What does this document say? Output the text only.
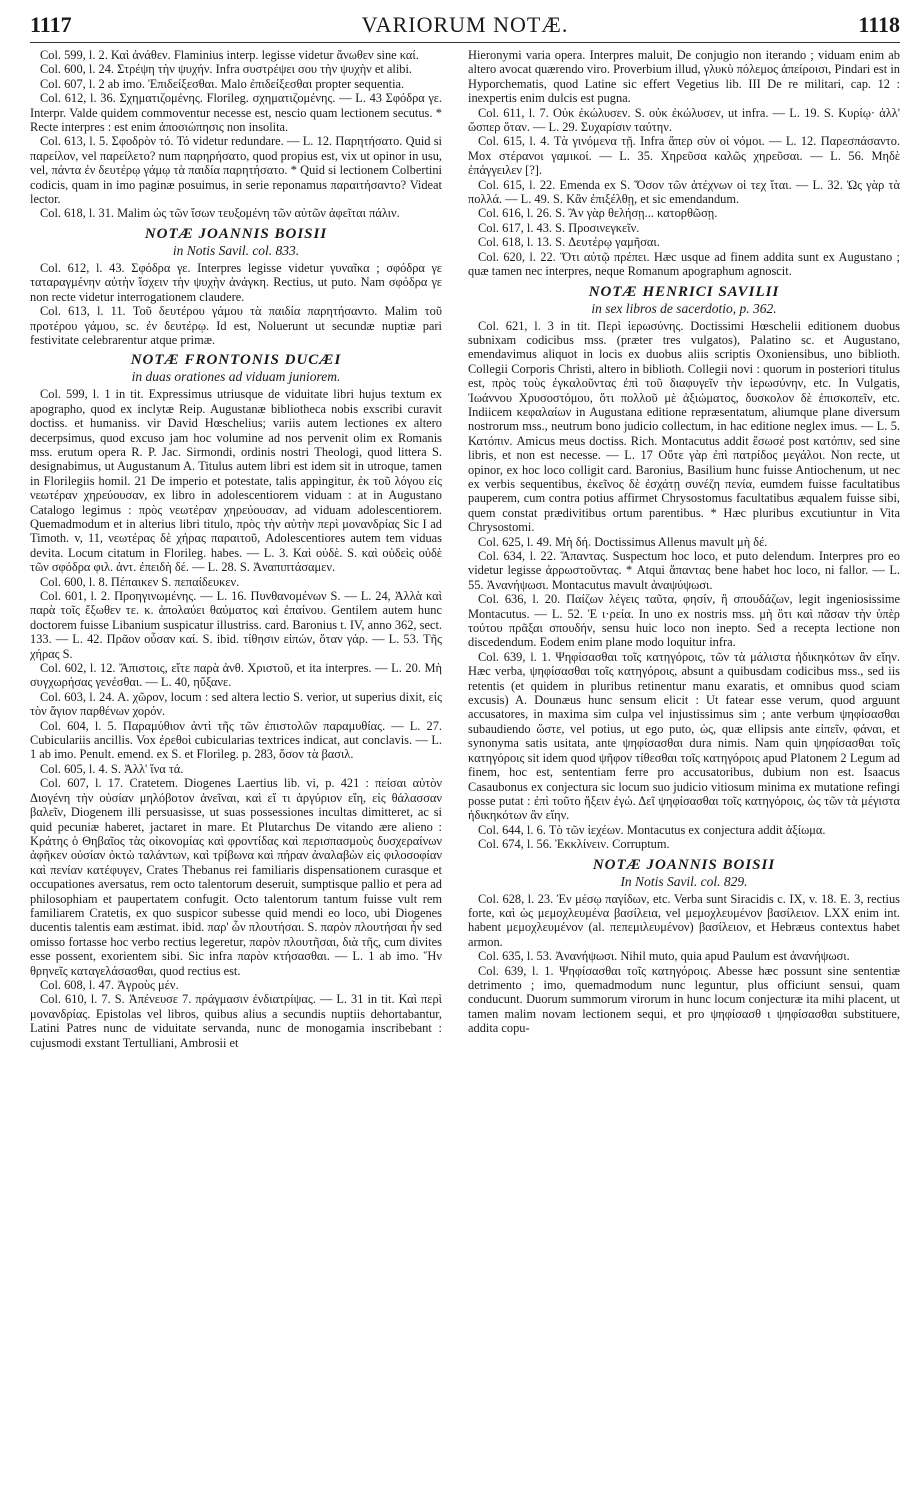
1117	VARIORUM NOTÆ.	1118

Col. 599, l. 2. Καὶ ἀνάθεν. Flaminius interp. legisse videtur ἄνωθεν sine καί.

Col. 600, l. 24. Στρέψη τὴν ψυχήν. Infra συστρέψει σου τὴν ψυχὴν et alibi.

Col. 607, l. 2 ab imo. Ἐπιδείξεσθαι. Malo ἐπιδείξεσθαι propter sequentia.

Col. 612, l. 36. Σχηματιζομένης. Florileg. σχηματιζομένης. — L. 43 Σφόδρα γε. Interpr. Valde quidem commoventur necesse est, nescio quam lectionem secutus. * Recte interpres : est enim ἀποσιώπησις non insolita.

Col. 613, l. 5. Σφοδρὸν τό. Τό videtur redundare. — L. 12. Παρητήσατο. Quid si παρείλον, vel παρείλετο? num παρηρήσατο, quod propius est, vix ut opinor in usu, vel, πάντα ἐν δευτέρῳ γάμῳ τὰ παιδία παρητήσατο. * Quid si lectionem Colbertini codicis, quam in imo paginæ posuimus, in serie reponamus παραιτήσαντο? Videat lector.

Col. 618, l. 31. Malim ὡς τῶν ἴσων τευξομένη τῶν αὐτῶν ἀφεῖται πάλιν.

NOTÆ JOANNIS BOISII
in Notis Savil. col. 833.

Col. 612, l. 43. Σφόδρα γε. Interpres legisse videtur γυναῖκα ; σφόδρα γε ταταραγμένην αὐτὴν ἴσχειν τὴν ψυχὴν ἀνάγκη. Rectius, ut puto. Nam σφόδρα γε non recte videtur interrogationem claudere.

Col. 613, l. 11. Τοῦ δευτέρου γάμου τὰ παιδία παρητήσαντο. Malim τοῦ προτέρου γάμου, sc. ἐν δευτέρῳ. Id est, Noluerunt ut secundæ nuptiæ pari festivitate celebrarentur atque primæ.

NOTÆ FRONTONIS DUCÆI
in duas orationes ad viduam juniorem.

Col. 599, l. 1 in tit. Expressimus utriusque de viduitate libri hujus textum ex apographo, quod ex inclytæ Reip. Augustanæ bibliotheca nobis exscribi curavit doctiss. et humaniss. vir David Hœschelius; variis autem lectiones ex altero decerpsimus, quod excuso jam hoc volumine ad nos pervenit olim ex Romanis mss. erutum opera R. P. Jac. Sirmondi, ordinis nostri Theologi, quod littera S. designabimus, ut Augustanum A. Titulus autem libri est idem sit in utroque, tamen in Florilegiis homil. 21 De imperio et potestate, talis appingitur, ἐκ τοῦ λόγου εἰς νεωτέραν χηρεύουσαν, ex libro in adolescentiorem viduam : at in Augustano Catalogo legimus : πρὸς νεωτέραν χηρεύουσαν, ad viduam adolescentiorem. Quemadmodum et in alterius libri titulo, πρὸς τὴν αὐτὴν περὶ μονανδρίας Sic I ad Timoth. v, 11, νεωτέρας δὲ χήρας παραιτοῦ, Adolescentiores autem tem viduas devita. Locum citatum in Florileg. habes. — L. 3. Καὶ οὐδὲ. S. καὶ οὐδεὶς οὐδὲ τῶν σφόδρα φιλ. ἀντ. ἐπειδὴ δέ. — L. 28. S. Ἀναπιπτάσαμεν.

Col. 600, l. 8. Πέπαικεν S. πεπαίδευκεν.

Col. 601, l. 2. Προηγινωμένης. — L. 16. Πυνθανομένων S. — L. 24, Ἀλλὰ καὶ παρὰ τοῖς ἔξωθεν τε. κ. ἀπολαύει θαύματος καὶ ἐπαίνου. Gentilem autem hunc doctorem fuisse Libanium suspicatur illustriss. card. Baronius t. IV, anno 362, sect. 133. — L. 42. Πρᾶον οὖσαν καί. S. ibid. τίθησιν εἰπών, ὅταν γάρ. — L. 53. Τῆς χήρας S.

Col. 602, l. 12. Ἄπιστοις, εἴτε παρὰ ἀνθ. Χριστοῦ, et ita interpres. — L. 20. Μὴ συγχωρήσας γενέσθαι. — L. 40, ηὔξανε.

Col. 603, l. 24. A. χῶρον, locum : sed altera lectio S. verior, ut superius dixit, εἰς τὸν ἅγιον παρθένων χορόν.

Col. 604, l. 5. Παραμύθιον ἀντὶ τῆς τῶν ἐπιστολῶν παραμυθίας. — L. 27. Cubiculariis ancillis. Vox ἐρεθοὶ cubicularias textrices indicat, aut conclavis. — L. 1 ab imo. Penult. emend. ex S. et Florileg. p. 283, ὅσον τὰ βασιλ.

Col. 605, l. 4. S. Ἀλλ' ἵνα τά.

Col. 607, l. 17. Cratetem. Diogenes Laertius lib. vi, p. 421 : πείσαι αὐτὸν Διογένη τὴν οὐσίαν μηλόβοτον ἀνεῖναι, καὶ εἴ τι ἀργύριον εἴη, εἰς θάλασσαν βαλεῖν, Diogenem illi persuasisse, ut suas possessiones incultas dimitteret, ac si quid pecuniæ haberet, jactaret in mare. Et Plutarchus De vitando ære alieno : Κράτης ὁ Θηβαῖος τὰς οἰκονομίας καὶ φροντίδας καὶ περισπασμοὺς δυσχεραίνων ἀφῆκεν οὐσίαν ὀκτὼ ταλάντων, καὶ τρίβωνα καὶ πήραν ἀναλαβὼν εἰς φιλοσοφίαν καὶ πενίαν κατέφυγεν, Crates Thebanus rei familiaris dispensationem curasque et occupationes aversatus, rem octo talentorum deseruit, sumptisque pallio et pera ad philosophiam et paupertatem confugit. Octo talentorum tantum fuisse vult rem familiarem Cratetis, ex quo suspicor subesse quid mendi eo loco, ubi Diogenes ducentis talentis eam æstimat. ibid. παρ' ὧν πλουτήσαι. S. παρὸν πλουτήσαι ἦν sed omisso fortasse hoc verbo rectius legeretur, παρὸν πλουτῆσαι, διὰ τῆς, cum divites esse possent, exorientem sibi. Sic infra παρὸν κτήσασθαι. — L. 1 ab imo. Ἥν θρηνεῖς καταγελάσασθαι, quod rectius est.

Col. 608, l. 47. Ἀγροὺς μέν.

Col. 610, l. 7. S. Ἀπένευσε 7. πράγμασιν ἐνδιατρίψας. — L. 31 in tit. Καὶ περὶ μονανδρίας. Epistolas vel libros, quibus alius a secundis nuptiis dehortabantur, Latini Patres nunc de viduitate servanda, nunc de monogamia inscribebant : cujusmodi exstant Tertulliani, Ambrosii et

Hieronymi varia opera. Interpres maluit, De conjugio non iterando ; viduam enim ab altero avocat quærendo viro. Proverbium illud, γλυκὺ πόλεμος ἀπείροισι, Pindari est in Hyporchematis, quod Latine sic effert Vegetius lib. III De re militari, cap. 12 : inexpertis enim dulcis est pugna.

Col. 611, l. 7. Οὐκ ἐκώλυσεν. S. οὐκ ἐκώλυσεν, ut infra. — L. 19. S. Κυρίῳ· ἀλλ' ὥσπερ ὅταν. — L. 29. Συχαρίσιν ταύτην.

Col. 615, l. 4. Τὰ γινόμενα τῇ. Infra ἅπερ σὺν οἱ νόμοι. — L. 12. Παρεσπάσαντο. Mox στέρανοι γαμικοί. — L. 35. Χηρεῦσα καλῶς χηρεῦσαι. — L. 56. Μηδὲ ἐπάγγειλεν [?].

Col. 615, l. 22. Emenda ex S. Ὅσον τῶν ἀτέχνων οἱ τεχ ἴται. — L. 32. Ὡς γὰρ τὰ πολλά. — L. 49. S. Κἂν ἐπιξέλθῃ, et sic emendandum.

Col. 616, l. 26. S. Ἂν γὰρ θελήσῃ... κατορθῶσῃ.

Col. 617, l. 43. S. Προσινεγκεῖν.

Col. 618, l. 13. S. Δευτέρῳ γαμῆσαι.

Col. 620, l. 22. Ὅτι αὐτῷ πρέπει. Hæc usque ad finem addita sunt ex Augustano ; quæ tamen nec interpres, neque Romanum apographum agnoscit.

NOTÆ HENRICI SAVILII
in sex libros de sacerdotio, p. 362.

Col. 621, l. 3 in tit. Περὶ ἱερωσύνης. Doctissimi Hœschelii editionem duobus subnixam codicibus mss. (præter tres vulgatos), Palatino sc. et Augustano, emendavimus aliquot in locis ex duobus aliis scriptis Oxoniensibus, uno biblioth. Collegii Corporis Christi, altero in biblioth. Collegii novi : quorum in posteriori titulus est, πρὸς τοὺς ἐγκαλοῦντας ἐπὶ τοῦ διαφυγεῖν τὴν ἱερωσύνην, etc. In Vulgatis, Ἰωάννου Χρυσοστόμου, ὅτι πολλοῦ μὲ ἀξιώματος, δυσκολον δὲ ἐπισκοπεῖν, etc. Indiicem κεφαλαίων in Augustana editione repræsentatum, aliumque plane diversum nostrorum mss., neutrum bono judicio collectum, in hac editione neglex imus. — L. 5. Κατόπιν. Amicus meus doctiss. Rich. Montacutus addit ἔσωσέ post κατόπιν, sed sine libris, et non est necesse. — L. 17 Οὔτε γὰρ ἐπὶ πατρίδος μεγάλοι. Non recte, ut opinor, ex hoc loco colligit card. Baronius, Basilium hunc fuisse Antiochenum, ut nec ex verbis sequentibus, ἐκεῖνος δὲ ἐσχάτῃ συνέζη πενία, eumdem fuisse facultatibus pauperem, cum contra potius affirmet Chrysostomus facultatibus æqualem fuisse sibi, quem constat prædivitibus ortum parentibus. * Hæc pluribus excutiuntur in Vita Chrysostomi.

Col. 625, l. 49. Μὴ δή. Doctissimus Allenus mavult μὴ δέ.

Col. 634, l. 22. Ἅπαντας. Suspectum hoc loco, et puto delendum. Interpres pro eo videtur legisse ἀρρωστοῦντας. * Atqui ἅπαντας bene habet hoc loco, ni fallor. — L. 55. Ἀνανήψωσι. Montacutus mavult ἀναψύψωσι.

Col. 636, l. 20. Παίζων λέγεις ταῦτα, φησίν, ἢ σπουδάζων, legit ingeniosissime Montacutus. — L. 52. Ἐ ι·ρεία. In uno ex nostris mss. μὴ ὅτι καὶ πᾶσαν τὴν ὑπὲρ τούτου πρᾶξαι σπουδήν, sensu huic loco non inepto. Sed a recepta lectione non discedendum. Eodem enim plane modo loquitur infra.

Col. 639, l. 1. Ψηφίσασθαι τοῖς κατηγόροις, τῶν τὰ μάλιστα ἠδικηκότων ἂν εἴην. Hæc verba, ψηφίσασθαι τοῖς κατηγόροις, absunt a quibusdam codicibus mss., sed iis retentis (et quidem in pluribus retinentur manu exaratis, et omnibus quod sciam excusis) A. Dounæus hunc sensum elicit : Ut fatear esse verum, quod arguunt accusatores, in maxima sim culpa vel injustissimus sim ; ante verbum ψηφίσασθαι subaudiendo ὥστε, vel potius, ut ego puto, ὡς, quæ ellipsis ante εἰπεῖν, φάναι, et synonyma satis usitata, ante ψηφίσασθαι dura nimis. Nam quin ψηφίσασθαι τοῖς κατηγόροις sit idem quod ψῆφον τίθεσθαι τοῖς κατηγόροις apud Platonem 2 Legum ad finem, hoc est, sententiam ferre pro accusatoribus, dubium non est. Isaacus Casaubonus ex conjectura sic locum suo judicio vitiosum minima ex mutatione refingi posse putat : ἐπὶ τοῦτο ἥξειν ἐγώ. Δεῖ ψηφίσασθαι τοῖς κατηγόροις, ὡς τῶν τὰ μέγιστα ἠδικηκότων ἂν εἴην.

Col. 644, l. 6. Τὸ τῶν ἰεχέων. Montacutus ex conjectura addit ἀξίωμα.

Col. 674, l. 56. Ἐκκλίνειν. Corruptum.

NOTÆ JOANNIS BOISII
In Notis Savil. col. 829.

Col. 628, l. 23. Ἐν μέσῳ παγίδων, etc. Verba sunt Siracidis c. IX, v. 18. E. 3, rectius forte, καὶ ὡς μεμοχλευμένα βασίλεια, vel μεμοχλευμένον βασίλειον. LXX enim int. habent μεμοχλευμένον (al. πεπεμιλευμένον) βασίλειον, et Hebræus contextus habet armon.

Col. 635, l. 53. Ἀνανήψωσι. Nihil muto, quia apud Paulum est ἀνανήψωσι.

Col. 639, l. 1. Ψηφίσασθαι τοῖς κατηγόροις. Abesse hæc possunt sine sententiæ detrimento ; imo, quemadmodum nunc leguntur, plus officiunt sensui, quam conducunt. Duorum summorum virorum in hunc locum conjecturæ ita mihi placent, ut tamen malim novam lectionem sequi, et pro ψηφίσασθ ι ψηφίσασθαι substituere, addita copu-
